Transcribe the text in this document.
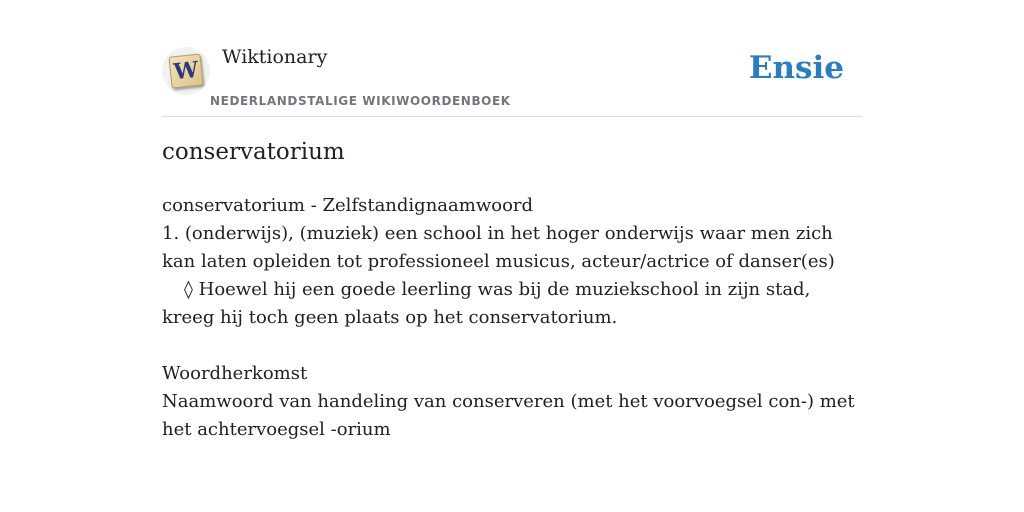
W Wiktionary

NEDERLANDSTALIGE WIKIWOORDENBOEK

Ensie
conservatorium

conservatorium - Zelfstandignaamwoord

1. (onderwijs), (muziek) een school in het hoger onderwijs waar men zich kan laten opleiden tot professioneel musicus, acteur/actrice of danser(es)

◊ Hoewel hij een goede leerling was bij de muziekschool in zijn stad, kreeg hij toch geen plaats op het conservatorium.

Woordherkomst

Naamwoord van handeling van conserveren (met het voorvoegsel con-) met het achtervoegsel -orium
